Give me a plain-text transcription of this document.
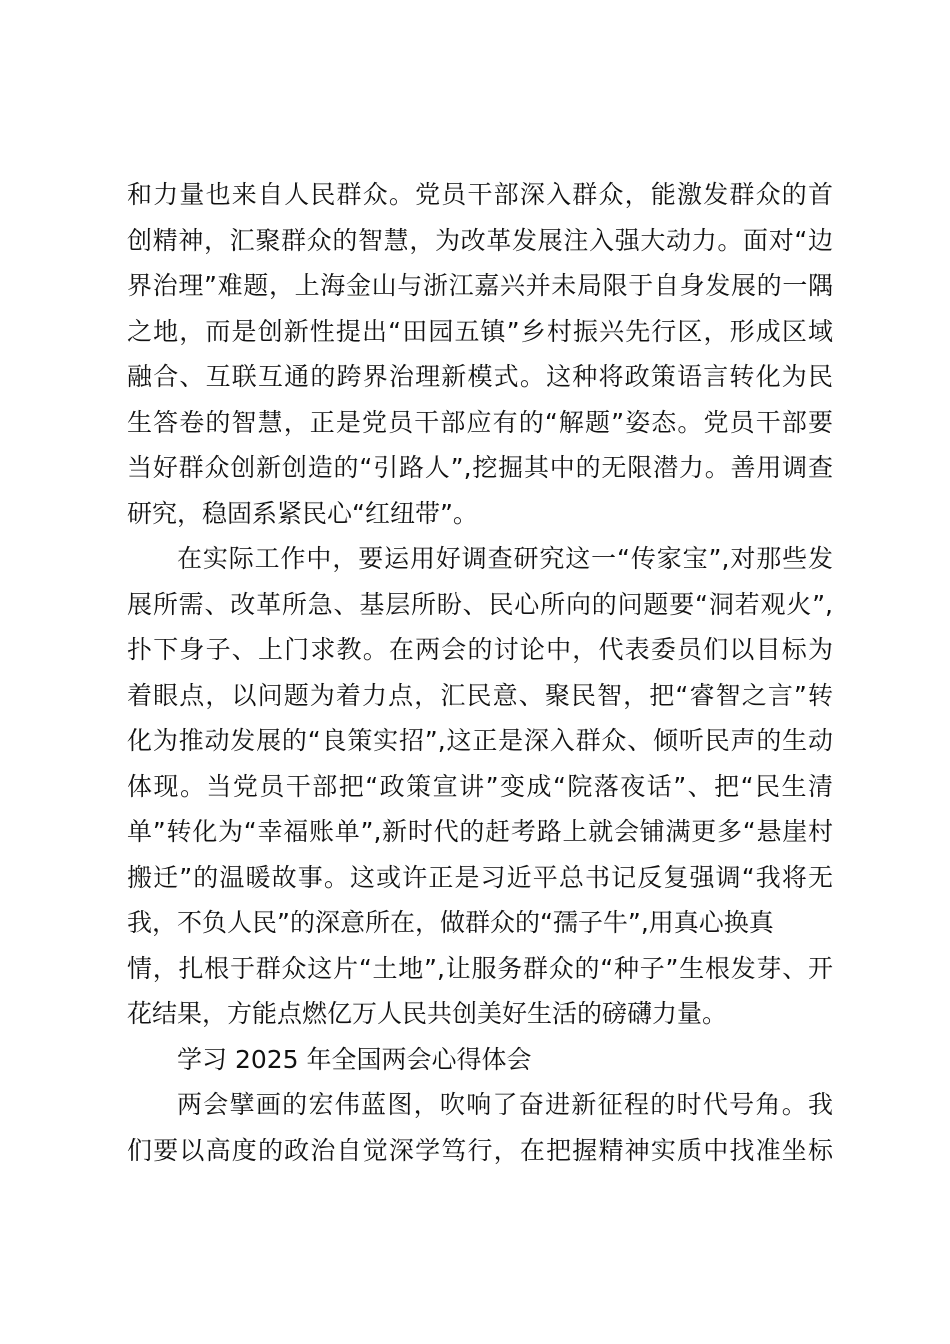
和力量也来自人民群众。党员干部深入群众，能激发群众的首
创精神，汇聚群众的智慧，为改革发展注入强大动力。面对“边
界治理”难题，上海金山与浙江嘉兴并未局限于自身发展的一隅
之地，而是创新性提出“田园五镇”乡村振兴先行区，形成区域
融合、互联互通的跨界治理新模式。这种将政策语言转化为民
生答卷的智慧，正是党员干部应有的“解题”姿态。党员干部要
当好群众创新创造的“引路人”,挖掘其中的无限潜力。善用调查
研究，稳固系紧民心“红纽带”。
在实际工作中，要运用好调查研究这一“传家宝”,对那些发
展所需、改革所急、基层所盼、民心所向的问题要“洞若观火”,
扑下身子、上门求教。在两会的讨论中，代表委员们以目标为
着眼点，以问题为着力点，汇民意、聚民智，把“睿智之言”转
化为推动发展的“良策实招”,这正是深入群众、倾听民声的生动
体现。当党员干部把“政策宣讲”变成“院落夜话”、把“民生清
单”转化为“幸福账单”,新时代的赶考路上就会铺满更多“悬崖村
搬迁”的温暖故事。这或许正是习近平总书记反复强调“我将无
我，不负人民”的深意所在，做群众的“孺子牛”,用真心换真
情，扎根于群众这片“土地”,让服务群众的“种子”生根发芽、开
花结果，方能点燃亿万人民共创美好生活的磅礴力量。
学习 2025 年全国两会心得体会
两会擘画的宏伟蓝图，吹响了奋进新征程的时代号角。我
们要以高度的政治自觉深学笃行，在把握精神实质中找准坐标
